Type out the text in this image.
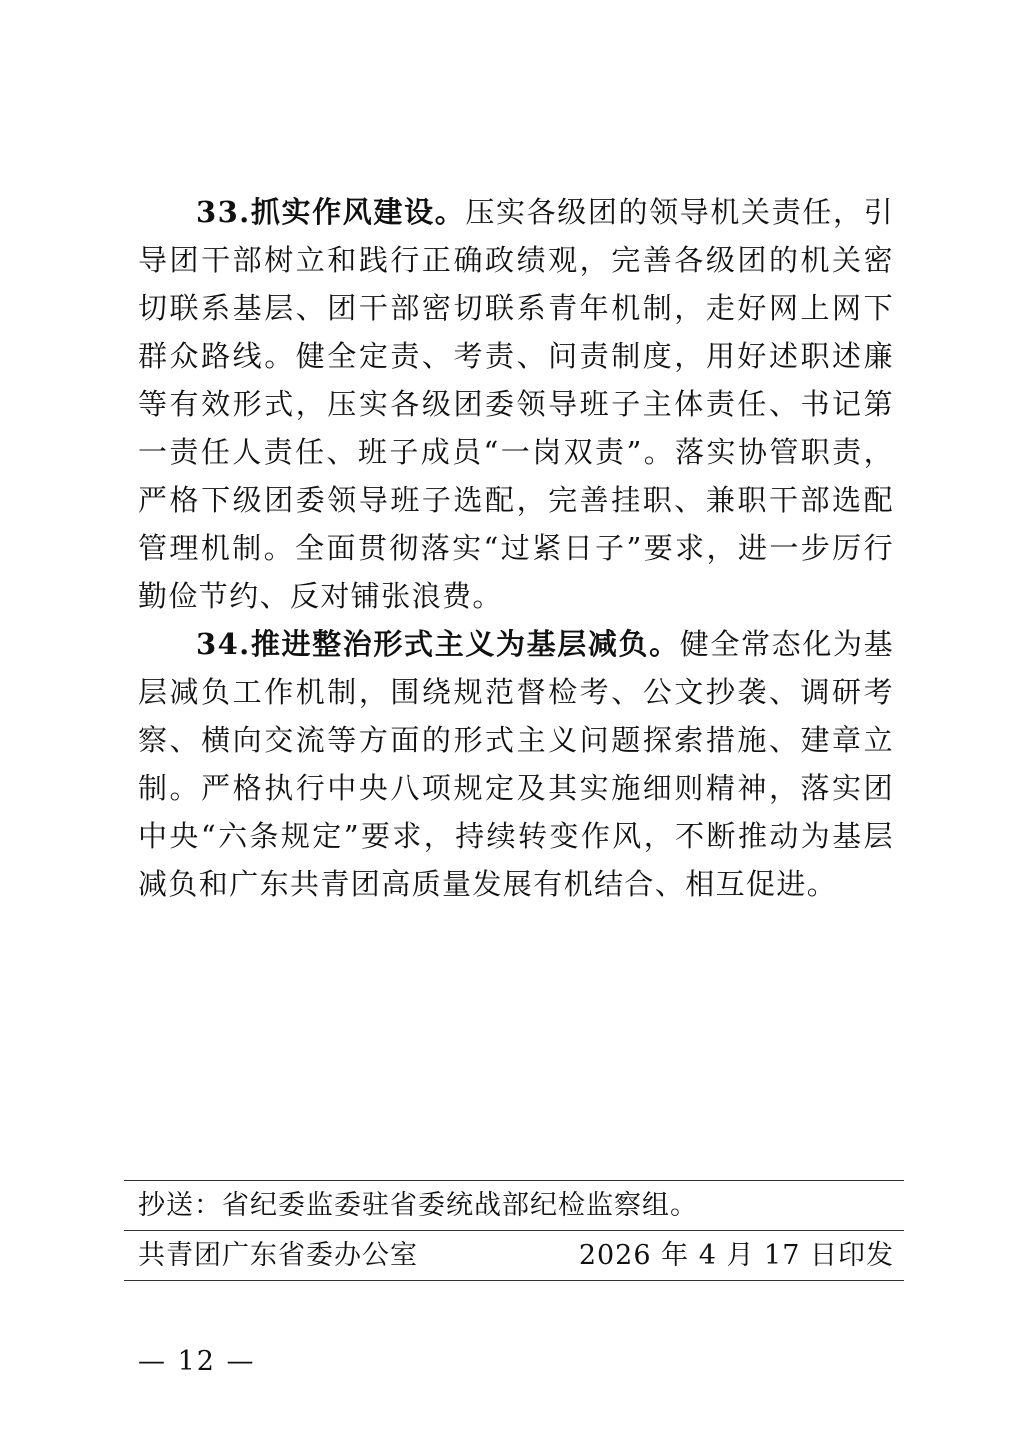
33.抓实作风建设。压实各级团的领导机关责任，引导团干部树立和践行正确政绩观，完善各级团的机关密切联系基层、团干部密切联系青年机制，走好网上网下群众路线。健全定责、考责、问责制度，用好述职述廉等有效形式，压实各级团委领导班子主体责任、书记第一责任人责任、班子成员“一岗双责”。落实协管职责，严格下级团委领导班子选配，完善挂职、兼职干部选配管理机制。全面贯彻落实“过紧日子”要求，进一步厉行勤俭节约、反对铺张浪费。

34.推进整治形式主义为基层减负。健全常态化为基层减负工作机制，围绕规范督检考、公文抄袭、调研考察、横向交流等方面的形式主义问题探索措施、建章立制。严格执行中央八项规定及其实施细则精神，落实团中央“六条规定”要求，持续转变作风，不断推动为基层减负和广东共青团高质量发展有机结合、相互促进。

抄送：省纪委监委驻省委统战部纪检监察组。
共青团广东省委办公室	2026 年 4 月 17 日印发
— 12 —
